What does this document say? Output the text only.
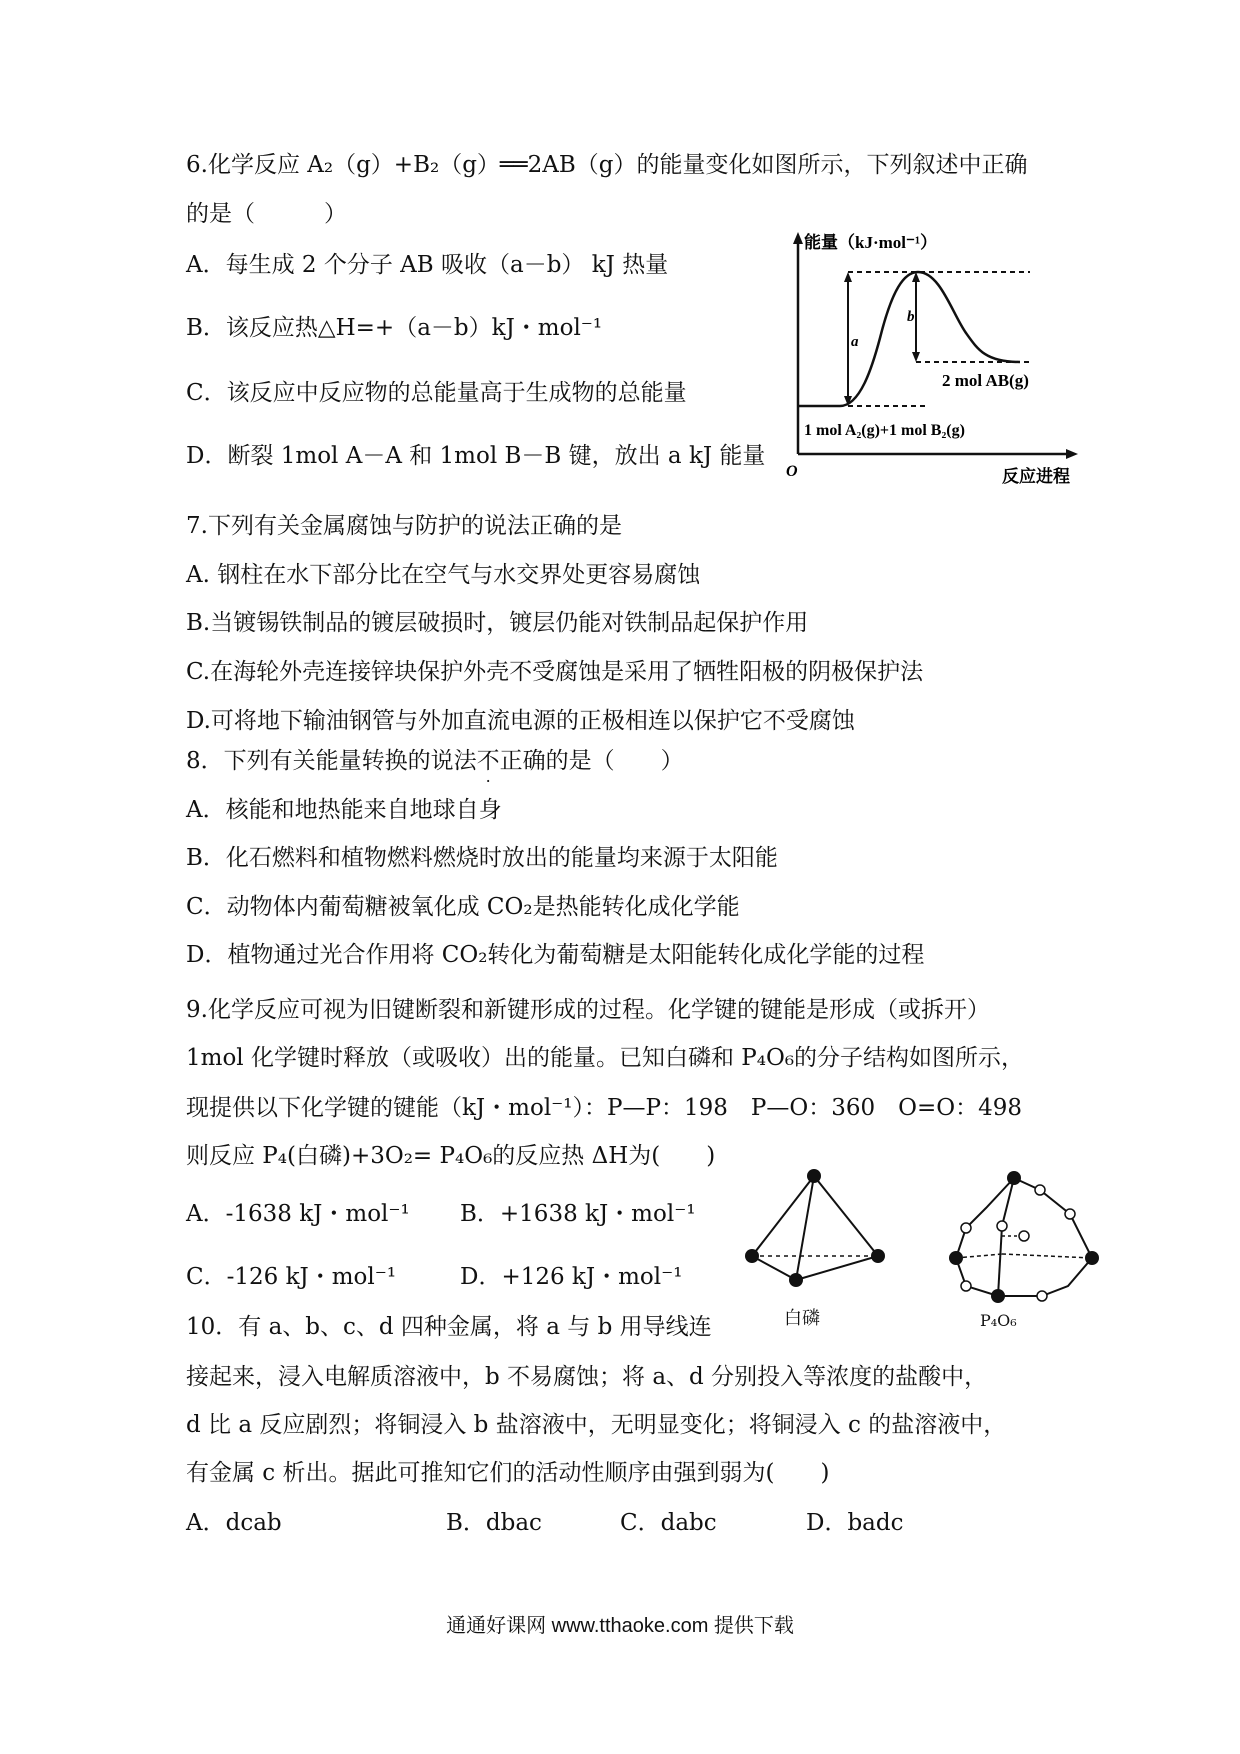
6.化学反应 A₂（g）+B₂（g）══2AB（g）的能量变化如图所示，下列叙述中正确
的是（　　　）
A．每生成 2 个分子 AB 吸收（a－b） kJ 热量
B．该反应热△H=+（a－b）kJ・mol⁻¹
C．该反应中反应物的总能量高于生成物的总能量
D．断裂 1mol A－A 和 1mol B－B 键，放出 a kJ 能量
能量（kJ·mol⁻¹）
a
b
2 mol AB(g)
1 mol A₂(g)+1 mol B₂(g)
O	反应进程
7.下列有关金属腐蚀与防护的说法正确的是
A. 钢柱在水下部分比在空气与水交界处更容易腐蚀
B.当镀锡铁制品的镀层破损时，镀层仍能对铁制品起保护作用
C.在海轮外壳连接锌块保护外壳不受腐蚀是采用了牺牲阳极的阴极保护法
D.可将地下输油钢管与外加直流电源的正极相连以保护它不受腐蚀
8．下列有关能量转换的说法不正确的是（　　）
A．核能和地热能来自地球自身
B．化石燃料和植物燃料燃烧时放出的能量均来源于太阳能
C．动物体内葡萄糖被氧化成 CO₂是热能转化成化学能
D．植物通过光合作用将 CO₂转化为葡萄糖是太阳能转化成化学能的过程
9.化学反应可视为旧键断裂和新键形成的过程。化学键的键能是形成（或拆开）
1mol 化学键时释放（或吸收）出的能量。已知白磷和 P₄O₆的分子结构如图所示，
现提供以下化学键的键能（kJ・mol⁻¹）：P—P：198　P—O：360　O=O：498
则反应 P₄(白磷)+3O₂= P₄O₆的反应热 ΔH为(　　)
A．-1638 kJ・mol⁻¹ B．+1638 kJ・mol⁻¹
C．-126 kJ・mol⁻¹	D．+126 kJ・mol⁻¹
白磷	P₄O₆
10．有 a、b、c、d 四种金属，将 a 与 b 用导线连
接起来，浸入电解质溶液中，b 不易腐蚀；将 a、d 分别投入等浓度的盐酸中，
d 比 a 反应剧烈；将铜浸入 b 盐溶液中，无明显变化；将铜浸入 c 的盐溶液中，
有金属 c 析出。据此可推知它们的活动性顺序由强到弱为(　　)
A．dcab	B．dbac	C．dabc	D．badc
通通好课网 www.tthaoke.com 提供下载
